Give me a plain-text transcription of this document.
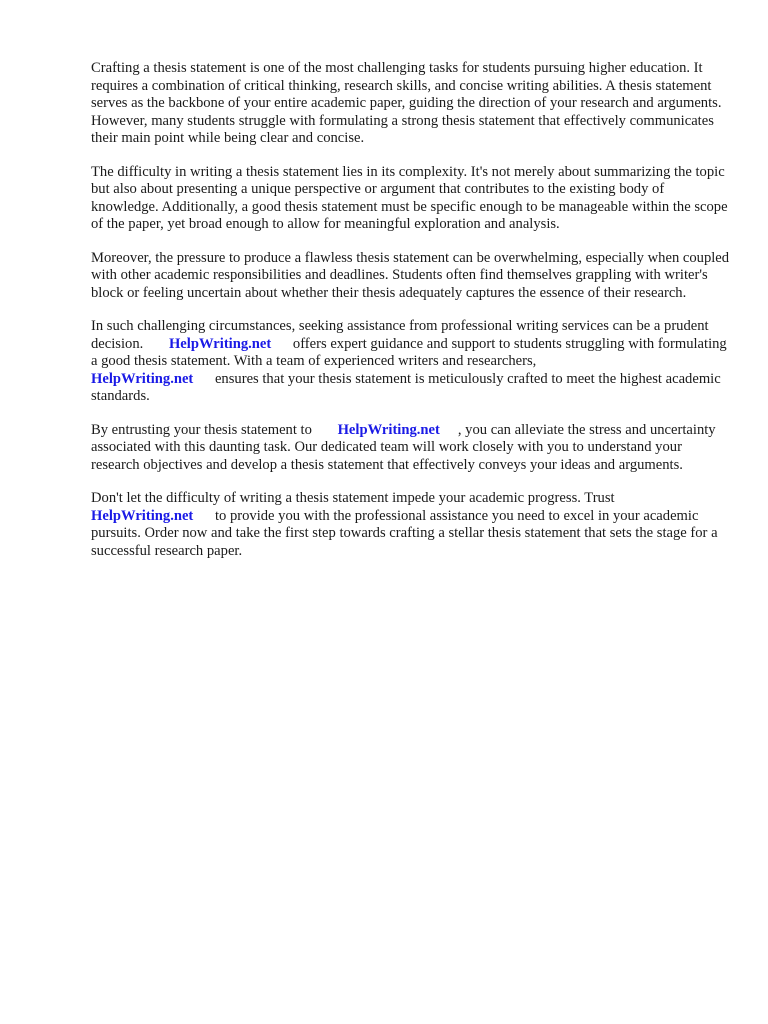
Crafting a thesis statement is one of the most challenging tasks for students pursuing higher education. It requires a combination of critical thinking, research skills, and concise writing abilities. A thesis statement serves as the backbone of your entire academic paper, guiding the direction of your research and arguments. However, many students struggle with formulating a strong thesis statement that effectively communicates their main point while being clear and concise.

The difficulty in writing a thesis statement lies in its complexity. It's not merely about summarizing the topic but also about presenting a unique perspective or argument that contributes to the existing body of knowledge. Additionally, a good thesis statement must be specific enough to be manageable within the scope of the paper, yet broad enough to allow for meaningful exploration and analysis.

Moreover, the pressure to produce a flawless thesis statement can be overwhelming, especially when coupled with other academic responsibilities and deadlines. Students often find themselves grappling with writer's block or feeling uncertain about whether their thesis adequately captures the essence of their research.

In such challenging circumstances, seeking assistance from professional writing services can be a prudent decision. HelpWriting.net offers expert guidance and support to students struggling with formulating a good thesis statement. With a team of experienced writers and researchers,
HelpWriting.net ensures that your thesis statement is meticulously crafted to meet the highest academic standards.

By entrusting your thesis statement to HelpWriting.net , you can alleviate the stress and uncertainty associated with this daunting task. Our dedicated team will work closely with you to understand your research objectives and develop a thesis statement that effectively conveys your ideas and arguments.

Don't let the difficulty of writing a thesis statement impede your academic progress. Trust
HelpWriting.net to provide you with the professional assistance you need to excel in your academic pursuits. Order now and take the first step towards crafting a stellar thesis statement that sets the stage for a successful research paper.
